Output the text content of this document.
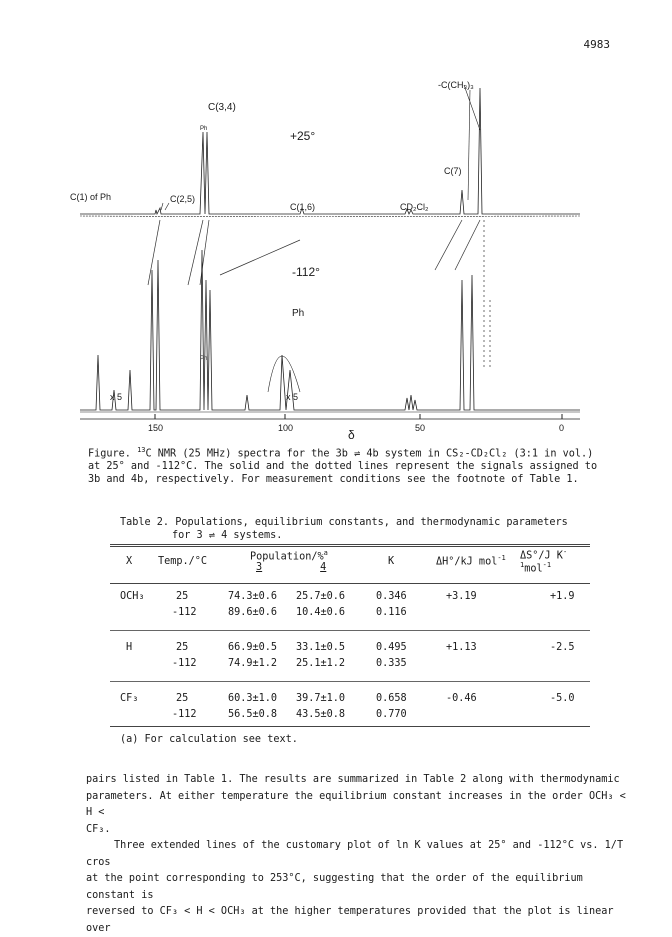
4983
C(3,4)
Ph	+25°
-C(CH₃)₃
C(7)
C(1) of Ph	C(2,5)
C(1,6)	CD₂Cl₂
-112°
Ph
Ph
x 5	x 5
150	100	50	0
δ
Figure. $^{13}$C NMR (25 MHz) spectra for the 3b ⇌ 4b system in CS₂-CD₂Cl₂ (3:1 in vol.)
at 25° and -112°C. The solid and the dotted lines represent the signals assigned to
3b and 4b, respectively. For measurement conditions see the footnote of Table 1.
Table 2. Populations, equilibrium constants, and thermodynamic parameters
for 3 ⇌ 4 systems.
X	Temp./°C	Population/%$^a$
3 4		K	ΔH°/kJ mol$^{-1}$	ΔS°/J $K^{-1}mol^{-1}$

OCH₃	25	74.3±0.6	25.7±0.6	0.346	+3.19	+1.9
	-112	89.6±0.6	10.4±0.6	0.116		

H	25	66.9±0.5	33.1±0.5	0.495	+1.13	-2.5
	-112	74.9±1.2	25.1±1.2	0.335		

CF₃	25	60.3±1.0	39.7±1.0	0.658	-0.46	-5.0
	-112	56.5±0.8	43.5±0.8	0.770		
(a) For calculation see text.

pairs listed in Table 1. The results are summarized in Table 2 along with thermodynamic

parameters. At either temperature the equilibrium constant increases in the order OCH₃ < H <

CF₃.

Three extended lines of the customary plot of ln K values at 25° and -112°C vs. 1/T cros

at the point corresponding to 253°C, suggesting that the order of the equilibrium constant is

reversed to CF₃ < H < OCH₃ at the higher temperatures provided that the plot is linear over
